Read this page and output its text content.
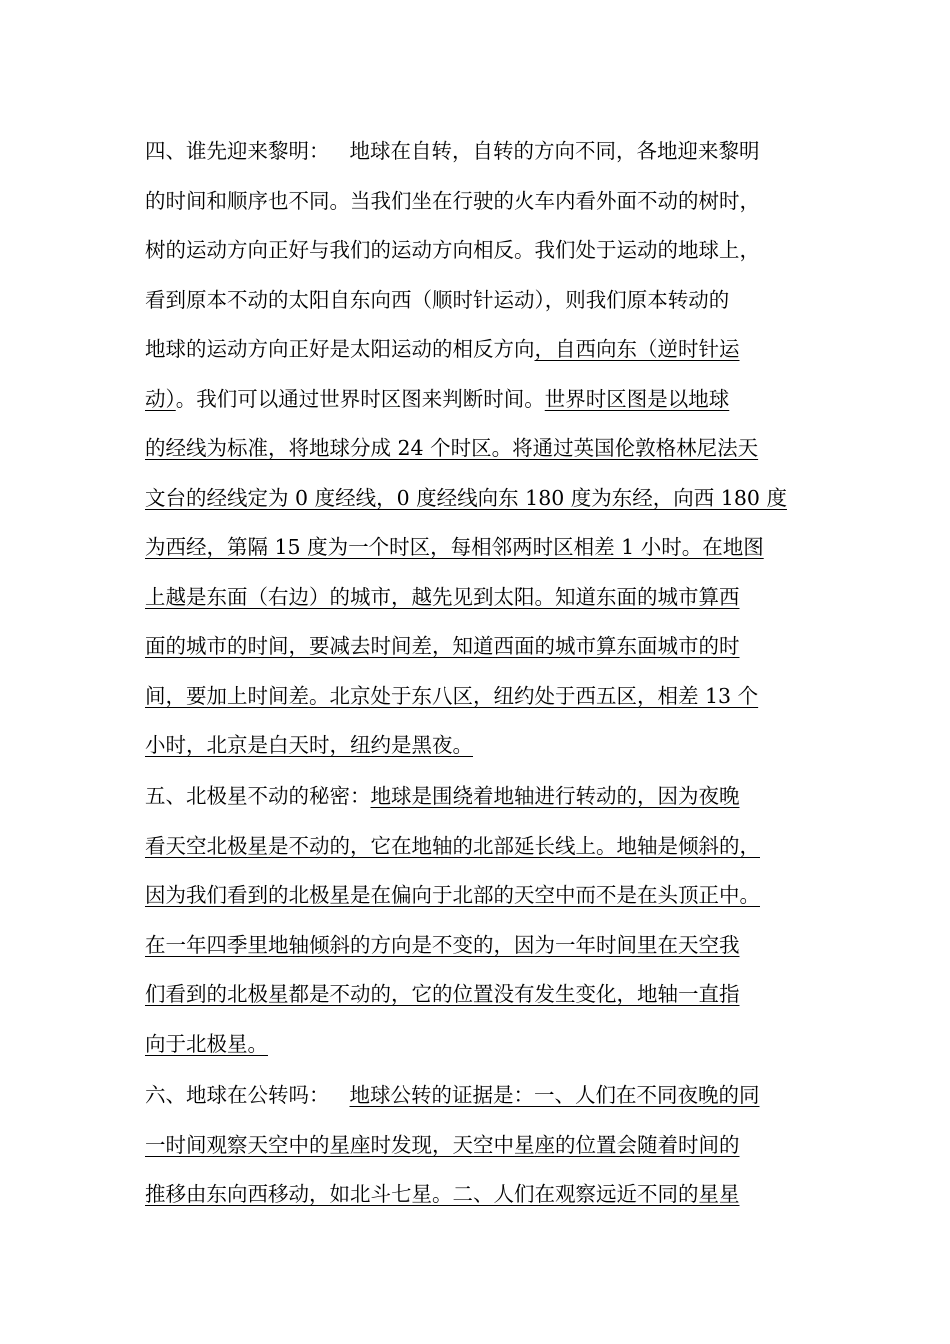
四、谁先迎来黎明： 地球在自转，自转的方向不同，各地迎来黎明
的时间和顺序也不同。当我们坐在行驶的火车内看外面不动的树时，
树的运动方向正好与我们的运动方向相反。我们处于运动的地球上，
看到原本不动的太阳自东向西（顺时针运动），则我们原本转动的
地球的运动方向正好是太阳运动的相反方向，自西向东（逆时针运
动）。我们可以通过世界时区图来判断时间。世界时区图是以地球
的经线为标准，将地球分成 24 个时区。将通过英国伦敦格林尼法天
文台的经线定为 0 度经线，0 度经线向东 180 度为东经，向西 180 度
为西经，第隔 15 度为一个时区，每相邻两时区相差 1 小时。在地图
上越是东面（右边）的城市，越先见到太阳。知道东面的城市算西
面的城市的时间，要减去时间差，知道西面的城市算东面城市的时
间，要加上时间差。北京处于东八区，纽约处于西五区，相差 13 个
小时，北京是白天时，纽约是黑夜。
五、北极星不动的秘密：地球是围绕着地轴进行转动的，因为夜晚
看天空北极星是不动的，它在地轴的北部延长线上。地轴是倾斜的，
因为我们看到的北极星是在偏向于北部的天空中而不是在头顶正中。
在一年四季里地轴倾斜的方向是不变的，因为一年时间里在天空我
们看到的北极星都是不动的，它的位置没有发生变化，地轴一直指
向于北极星。
六、地球在公转吗： 地球公转的证据是：一、人们在不同夜晚的同
一时间观察天空中的星座时发现，天空中星座的位置会随着时间的
推移由东向西移动，如北斗七星。二、人们在观察远近不同的星星
